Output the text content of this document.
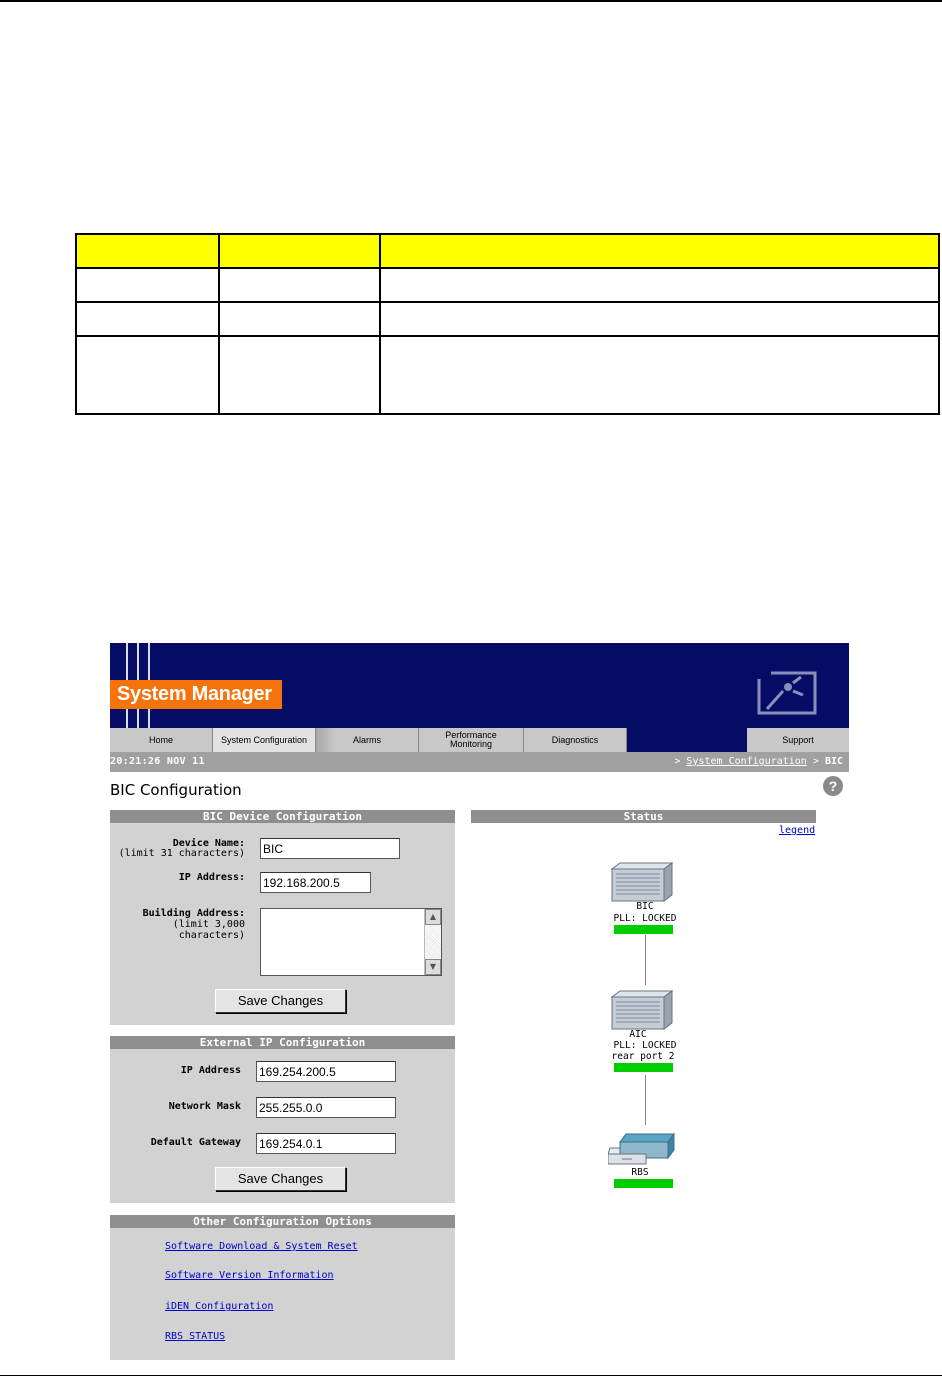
System Manager
Home	System Configuration	Alarms	Performance
Monitoring	Diagnostics	Support
20:21:26 NOV 11	> System Configuration > BIC
BIC Configuration	?
BIC Device Configuration
Device Name:
(limit 31 characters) BIC
IP Address: 192.168.200.5
Building Address:
(limit 3,000 characters)
▲
▼
Save Changes
External IP Configuration
IP Address 169.254.200.5
Network Mask 255.255.0.0
Default Gateway 169.254.0.1
Save Changes
Other Configuration Options
Software Download & System Reset
Software Version Information
iDEN Configuration
RBS STATUS
Status
legend
BIC
PLL: LOCKED
AIC
PLL: LOCKED
rear port 2
RBS
